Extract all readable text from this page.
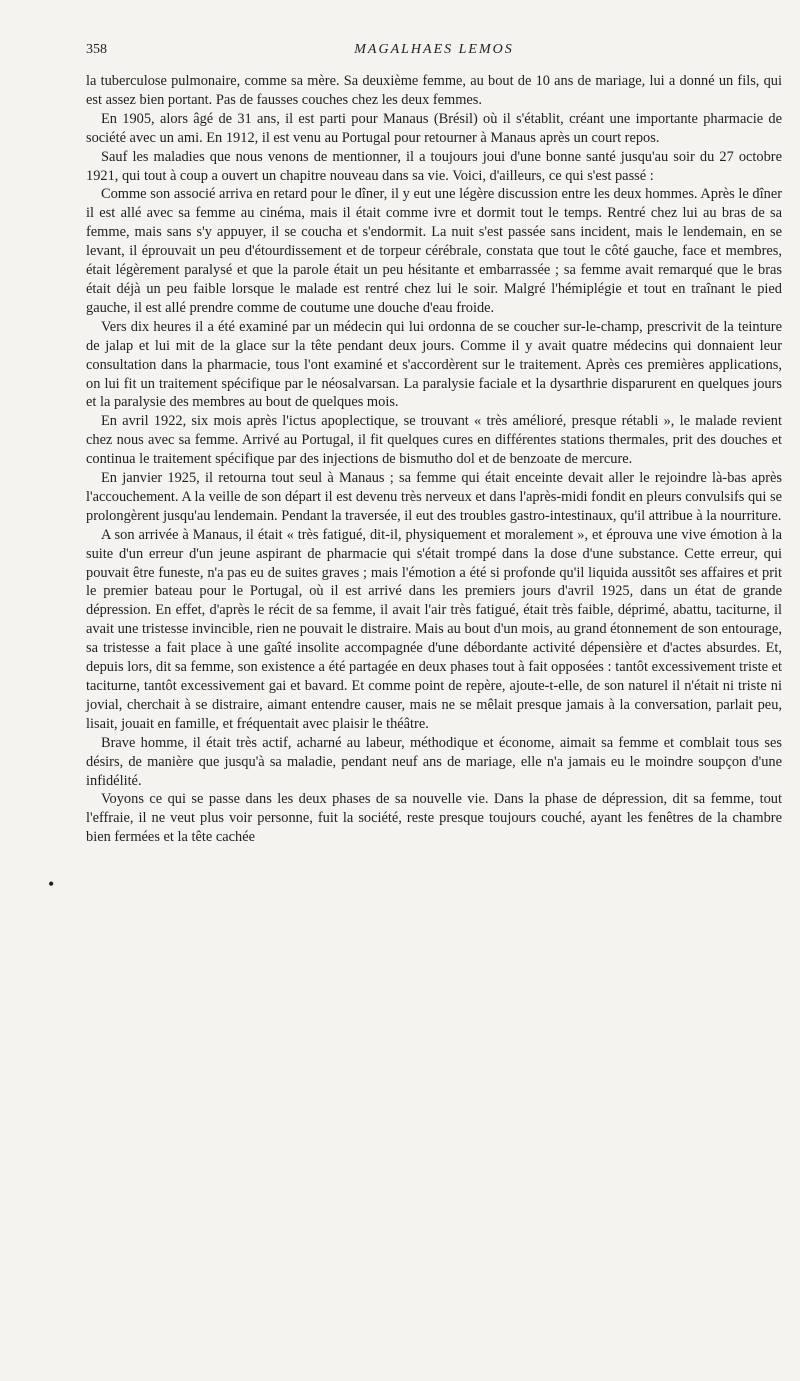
358	MAGALHAES LEMOS

la tuberculose pulmonaire, comme sa mère. Sa deuxième femme, au bout de 10 ans de mariage, lui a donné un fils, qui est assez bien portant. Pas de fausses couches chez les deux femmes.

En 1905, alors âgé de 31 ans, il est parti pour Manaus (Brésil) où il s'établit, créant une importante pharmacie de société avec un ami. En 1912, il est venu au Portugal pour retourner à Manaus après un court repos.

Sauf les maladies que nous venons de mentionner, il a toujours joui d'une bonne santé jusqu'au soir du 27 octobre 1921, qui tout à coup a ouvert un chapitre nouveau dans sa vie. Voici, d'ailleurs, ce qui s'est passé :

Comme son associé arriva en retard pour le dîner, il y eut une légère discussion entre les deux hommes. Après le dîner il est allé avec sa femme au cinéma, mais il était comme ivre et dormit tout le temps. Rentré chez lui au bras de sa femme, mais sans s'y appuyer, il se coucha et s'endormit. La nuit s'est passée sans incident, mais le lendemain, en se levant, il éprouvait un peu d'étourdissement et de torpeur cérébrale, constata que tout le côté gauche, face et membres, était légèrement paralysé et que la parole était un peu hésitante et embarrassée ; sa femme avait remarqué que le bras était déjà un peu faible lorsque le malade est rentré chez lui le soir. Malgré l'hémiplégie et tout en traînant le pied gauche, il est allé prendre comme de coutume une douche d'eau froide.

Vers dix heures il a été examiné par un médecin qui lui ordonna de se coucher sur-le-champ, prescrivit de la teinture de jalap et lui mit de la glace sur la tête pendant deux jours. Comme il y avait quatre médecins qui donnaient leur consultation dans la pharmacie, tous l'ont examiné et s'accordèrent sur le traitement. Après ces premières applications, on lui fit un traitement spécifique par le néosalvarsan. La paralysie faciale et la dysarthrie disparurent en quelques jours et la paralysie des membres au bout de quelques mois.

En avril 1922, six mois après l'ictus apoplectique, se trouvant « très amélioré, presque rétabli », le malade revient chez nous avec sa femme. Arrivé au Portugal, il fit quelques cures en différentes stations thermales, prit des douches et continua le traitement spécifique par des injections de bismutho dol et de benzoate de mercure.

En janvier 1925, il retourna tout seul à Manaus ; sa femme qui était enceinte devait aller le rejoindre là-bas après l'accouchement. A la veille de son départ il est devenu très nerveux et dans l'après-midi fondit en pleurs convulsifs qui se prolongèrent jusqu'au lendemain. Pendant la traversée, il eut des troubles gastro-intestinaux, qu'il attribue à la nourriture.

A son arrivée à Manaus, il était « très fatigué, dit-il, physiquement et moralement », et éprouva une vive émotion à la suite d'un erreur d'un jeune aspirant de pharmacie qui s'était trompé dans la dose d'une substance. Cette erreur, qui pouvait être funeste, n'a pas eu de suites graves ; mais l'émotion a été si profonde qu'il liquida aussitôt ses affaires et prit le premier bateau pour le Portugal, où il est arrivé dans les premiers jours d'avril 1925, dans un état de grande dépression. En effet, d'après le récit de sa femme, il avait l'air très fatigué, était très faible, déprimé, abattu, taciturne, il avait une tristesse invincible, rien ne pouvait le distraire. Mais au bout d'un mois, au grand étonnement de son entourage, sa tristesse a fait place à une gaîté insolite accompagnée d'une débordante activité dépensière et d'actes absurdes. Et, depuis lors, dit sa femme, son existence a été partagée en deux phases tout à fait opposées : tantôt excessivement triste et taciturne, tantôt excessivement gai et bavard. Et comme point de repère, ajoute-t-elle, de son naturel il n'était ni triste ni jovial, cherchait à se distraire, aimant entendre causer, mais ne se mêlait presque jamais à la conversation, parlait peu, lisait, jouait en famille, et fréquentait avec plaisir le théâtre.

Brave homme, il était très actif, acharné au labeur, méthodique et économe, aimait sa femme et comblait tous ses désirs, de manière que jusqu'à sa maladie, pendant neuf ans de mariage, elle n'a jamais eu le moindre soupçon d'une infidélité.

Voyons ce qui se passe dans les deux phases de sa nouvelle vie. Dans la phase de dépression, dit sa femme, tout l'effraie, il ne veut plus voir personne, fuit la société, reste presque toujours couché, ayant les fenêtres de la chambre bien fermées et la tête cachée

•
